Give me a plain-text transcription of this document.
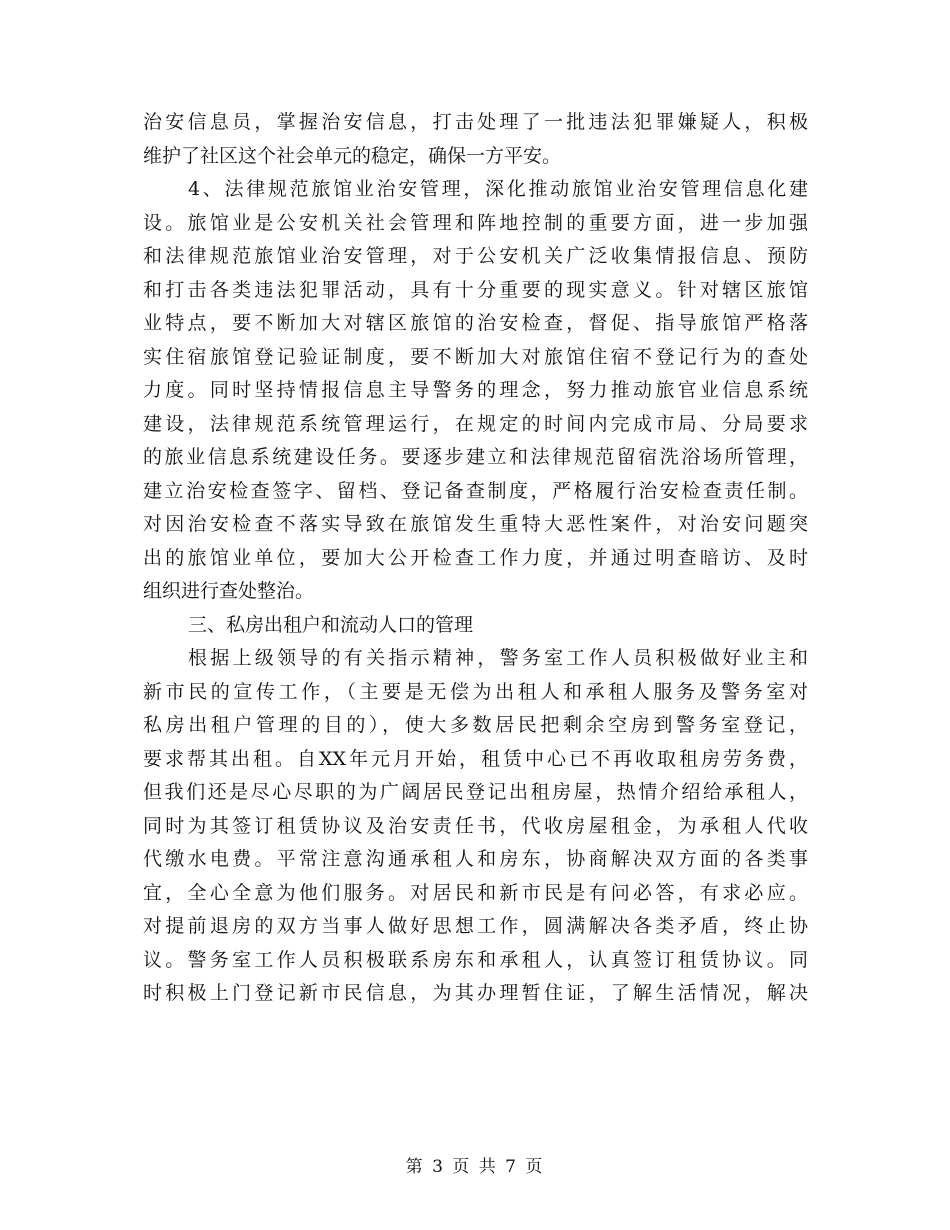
治安信息员，掌握治安信息，打击处理了一批违法犯罪嫌疑人，积极
维护了社区这个社会单元的稳定，确保一方平安。
4、法律规范旅馆业治安管理，深化推动旅馆业治安管理信息化建
设。旅馆业是公安机关社会管理和阵地控制的重要方面，进一步加强
和法律规范旅馆业治安管理，对于公安机关广泛收集情报信息、预防
和打击各类违法犯罪活动，具有十分重要的现实意义。针对辖区旅馆
业特点，要不断加大对辖区旅馆的治安检查，督促、指导旅馆严格落
实住宿旅馆登记验证制度，要不断加大对旅馆住宿不登记行为的查处
力度。同时坚持情报信息主导警务的理念，努力推动旅官业信息系统
建设，法律规范系统管理运行，在规定的时间内完成市局、分局要求
的旅业信息系统建设任务。要逐步建立和法律规范留宿洗浴场所管理，
建立治安检查签字、留档、登记备查制度，严格履行治安检查责任制。
对因治安检查不落实导致在旅馆发生重特大恶性案件，对治安问题突
出的旅馆业单位，要加大公开检查工作力度，并通过明查暗访、及时
组织进行查处整治。
三、私房出租户和流动人口的管理
根据上级领导的有关指示精神，警务室工作人员积极做好业主和
新市民的宣传工作，（主要是无偿为出租人和承租人服务及警务室对
私房出租户管理的目的），使大多数居民把剩余空房到警务室登记，
要求帮其出租。自XX年元月开始，租赁中心已不再收取租房劳务费，
但我们还是尽心尽职的为广阔居民登记出租房屋，热情介绍给承租人，
同时为其签订租赁协议及治安责任书，代收房屋租金，为承租人代收
代缴水电费。平常注意沟通承租人和房东，协商解决双方面的各类事
宜，全心全意为他们服务。对居民和新市民是有问必答，有求必应。
对提前退房的双方当事人做好思想工作，圆满解决各类矛盾，终止协
议。警务室工作人员积极联系房东和承租人，认真签订租赁协议。同
时积极上门登记新市民信息，为其办理暂住证，了解生活情况，解决
第 3 页 共 7 页
